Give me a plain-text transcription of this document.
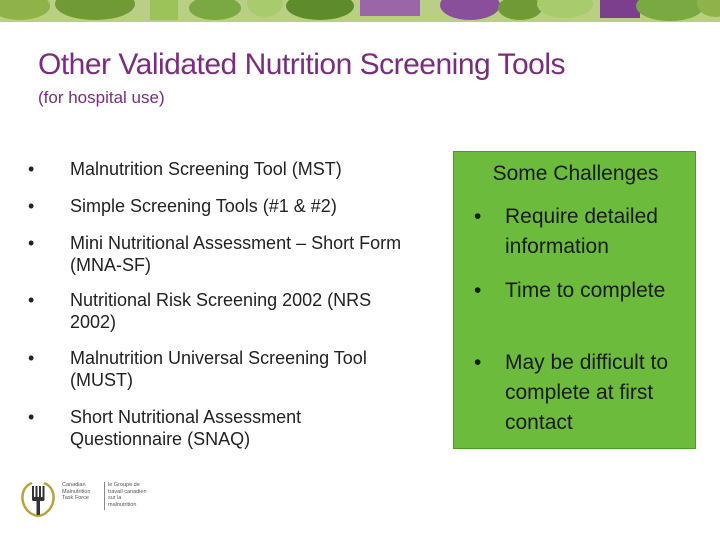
Other Validated Nutrition Screening Tools

(for hospital use)

•	Malnutrition Screening Tool (MST)
•	Simple Screening Tools (#1 & #2)
•	Mini Nutritional Assessment – Short Form (MNA-SF)
•	Nutritional Risk Screening 2002 (NRS 2002)
•	Malnutrition Universal Screening Tool (MUST)
•	Short Nutritional Assessment Questionnaire (SNAQ)

Some Challenges

• Require detailed information
• Time to complete
• May be difficult to complete at first contact
Canadian Malnutrition Task Force
le Groupe de travail canadien sur la malnutrition
